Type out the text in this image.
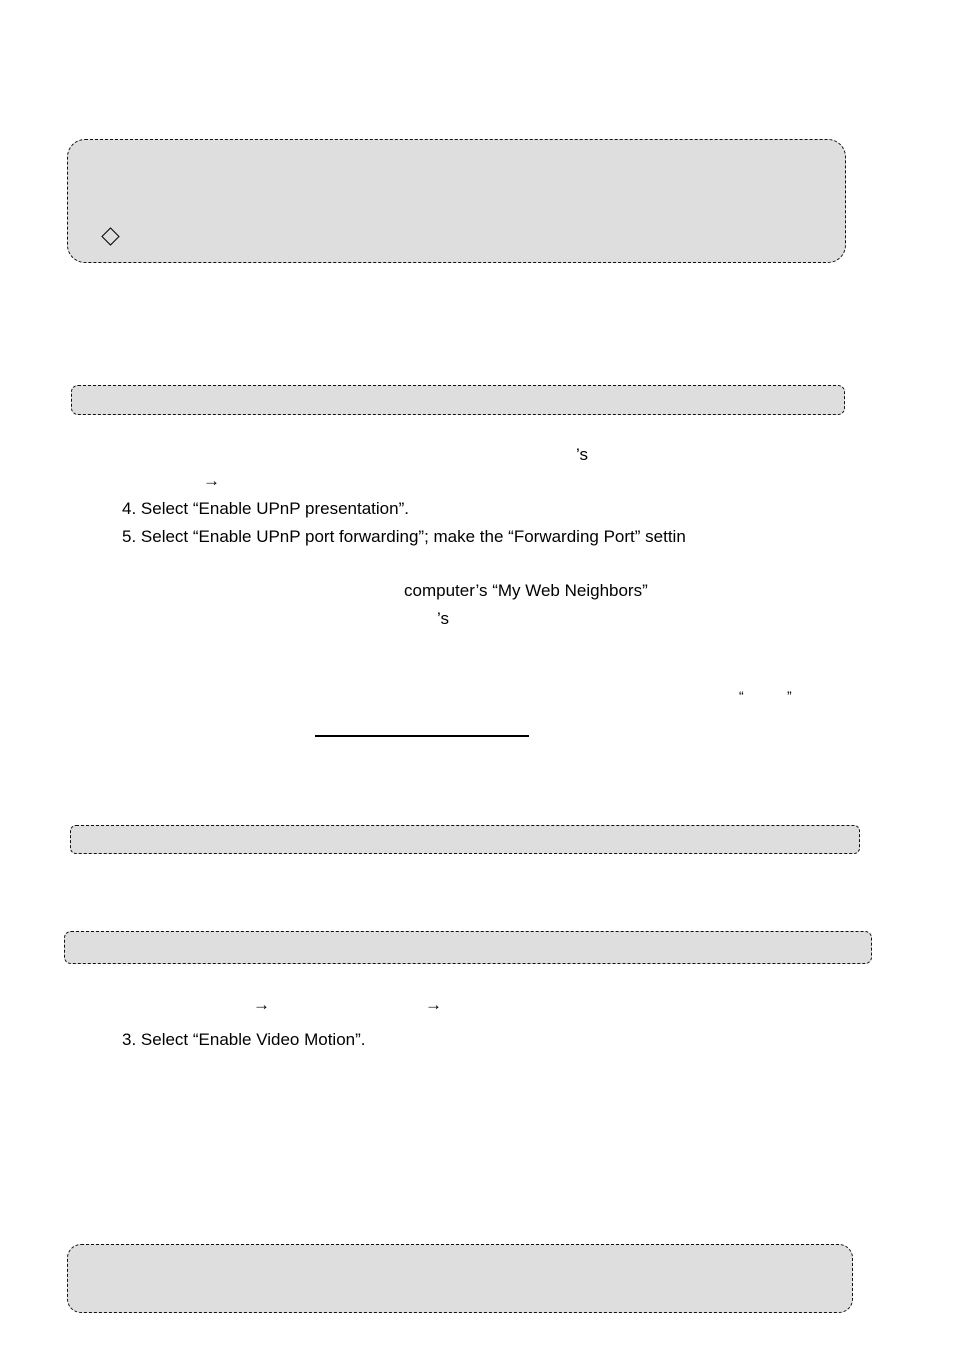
’s
→
4. Select “Enable UPnP presentation”.
5. Select “Enable UPnP port forwarding”; make the “Forwarding Port” settin
computer’s “My Web Neighbors”
’s
“	”
→	→
3. Select “Enable Video Motion”.
